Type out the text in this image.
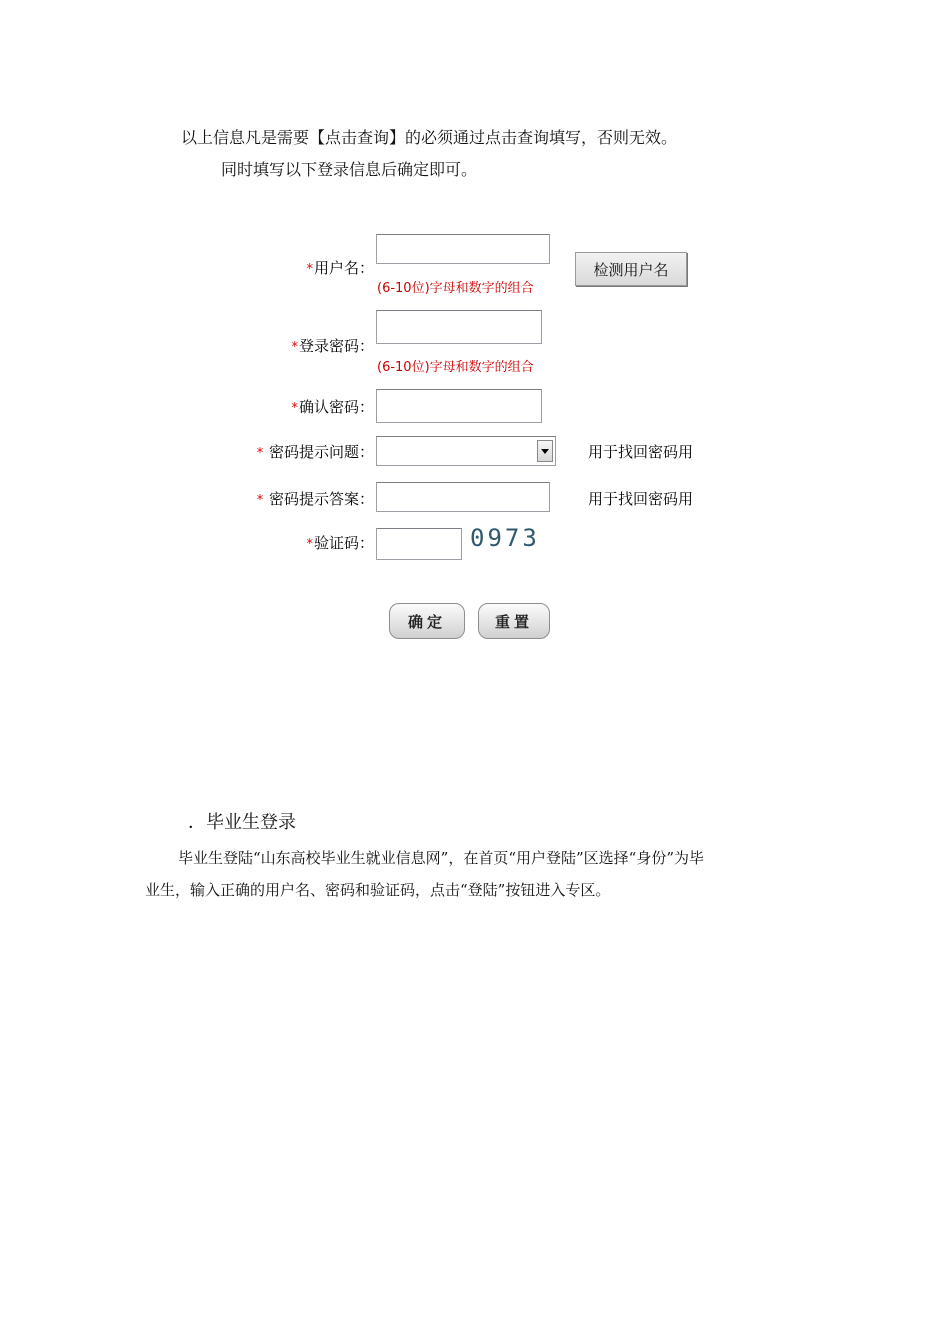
以上信息凡是需要【点击查询】的必须通过点击查询填写，否则无效。
同时填写以下登录信息后确定即可。
*用户名：
(6-10位)字母和数字的组合
检测用户名
*登录密码：
(6-10位)字母和数字的组合
*确认密码：
* 密码提示问题：	用于找回密码用
* 密码提示答案：	用于找回密码用
*验证码：	0973
确定	重置
．毕业生登录
毕业生登陆“山东高校毕业生就业信息网”，在首页“用户登陆”区选择“身份”为毕
业生，输入正确的用户名、密码和验证码，点击“登陆”按钮进入专区。
